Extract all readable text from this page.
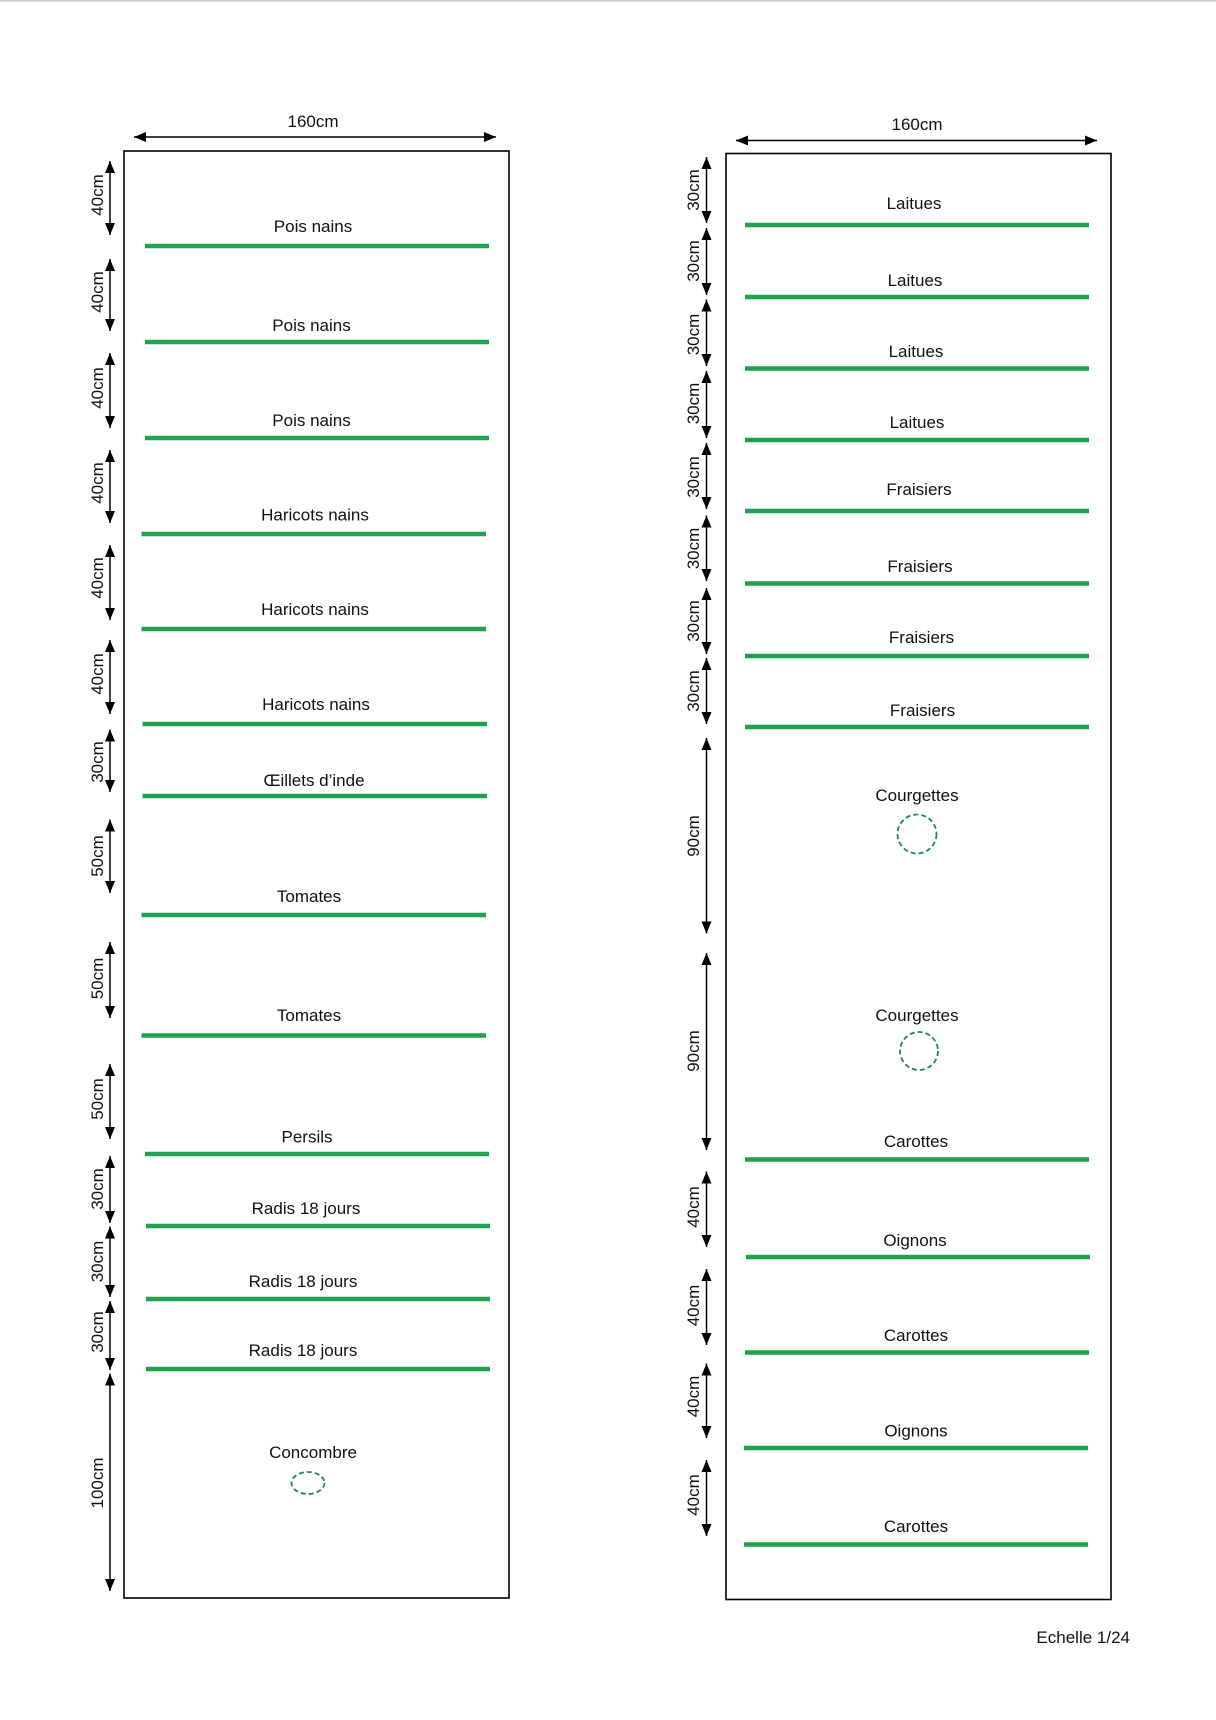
160cm
Pois nains
Pois nains
Pois nains
Haricots nains
Haricots nains
Haricots nains
Œillets d’inde
Tomates
Tomates
Persils
Radis 18 jours
Radis 18 jours
Radis 18 jours
Concombre
40cm
40cm
40cm
40cm
40cm
40cm
30cm
50cm
50cm
50cm
30cm
30cm
30cm
100cm
160cm
Laitues
Laitues
Laitues
Laitues
Fraisiers
Fraisiers
Fraisiers
Fraisiers
Courgettes
Courgettes
Carottes
Oignons
Carottes
Oignons
Carottes
30cm
30cm
30cm
30cm
30cm
30cm
30cm
30cm
90cm
90cm
40cm
40cm
40cm
40cm
Echelle 1/24
